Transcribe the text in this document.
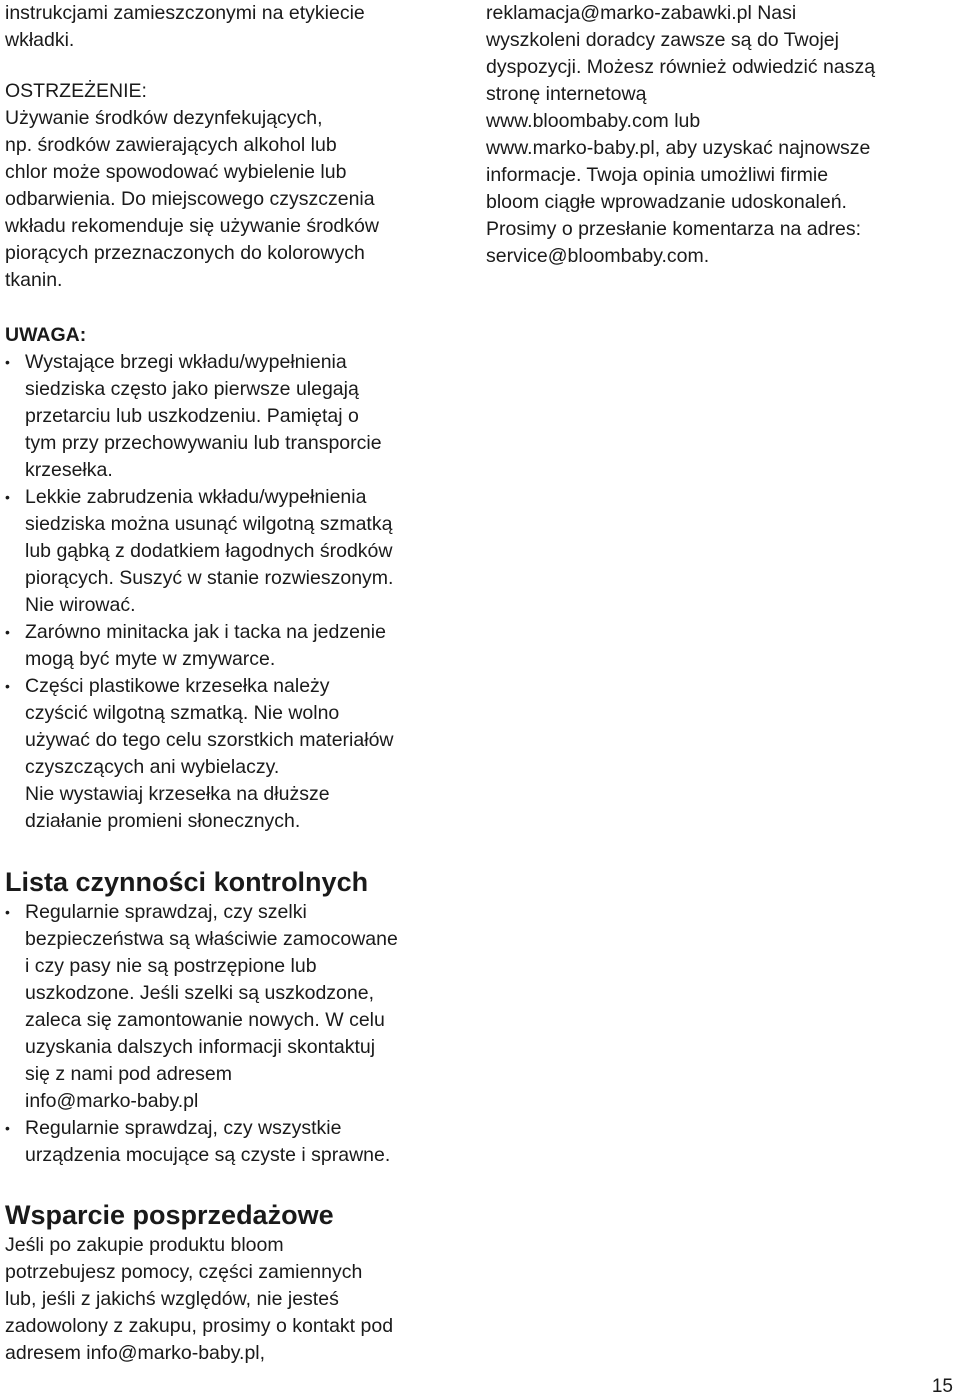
instrukcjami zamieszczonymi na etykiecie
wkładki.

OSTRZEŻENIE:

Używanie środków dezynfekujących,
np. środków zawierających alkohol lub
chlor może spowodować wybielenie lub
odbarwienia. Do miejscowego czyszczenia
wkładu rekomenduje się używanie środków
piorących przeznaczonych do kolorowych
tkanin.

UWAGA:

• Wystające brzegi wkładu/wypełnienia
siedziska często jako pierwsze ulegają
przetarciu lub uszkodzeniu. Pamiętaj o
tym przy przechowywaniu lub transporcie
krzesełka.
• Lekkie zabrudzenia wkładu/wypełnienia
siedziska można usunąć wilgotną szmatką
lub gąbką z dodatkiem łagodnych środków
piorących. Suszyć w stanie rozwieszonym.
Nie wirować.
• Zarówno minitacka jak i tacka na jedzenie
mogą być myte w zmywarce.
• Części plastikowe krzesełka należy
czyścić wilgotną szmatką. Nie wolno
używać do tego celu szorstkich materiałów
czyszczących ani wybielaczy.
Nie wystawiaj krzesełka na dłuższe
działanie promieni słonecznych.
Lista czynności kontrolnych
• Regularnie sprawdzaj, czy szelki
bezpieczeństwa są właściwie zamocowane
i czy pasy nie są postrzępione lub
uszkodzone. Jeśli szelki są uszkodzone,
zaleca się zamontowanie nowych. W celu
uzyskania dalszych informacji skontaktuj
się z nami pod adresem
info@marko-baby.pl
• Regularnie sprawdzaj, czy wszystkie
urządzenia mocujące są czyste i sprawne.
Wsparcie posprzedażowe
Jeśli po zakupie produktu bloom
potrzebujesz pomocy, części zamiennych
lub, jeśli z jakichś względów, nie jesteś
zadowolony z zakupu, prosimy o kontakt pod
adresem info@marko-baby.pl,
reklamacja@marko-zabawki.pl Nasi
wyszkoleni doradcy zawsze są do Twojej
dyspozycji. Możesz również odwiedzić naszą
stronę internetową
www.bloombaby.com lub
www.marko-baby.pl, aby uzyskać najnowsze
informacje. Twoja opinia umożliwi firmie
bloom ciągłe wprowadzanie udoskonaleń.
Prosimy o przesłanie komentarza na adres:
service@bloombaby.com.
15
